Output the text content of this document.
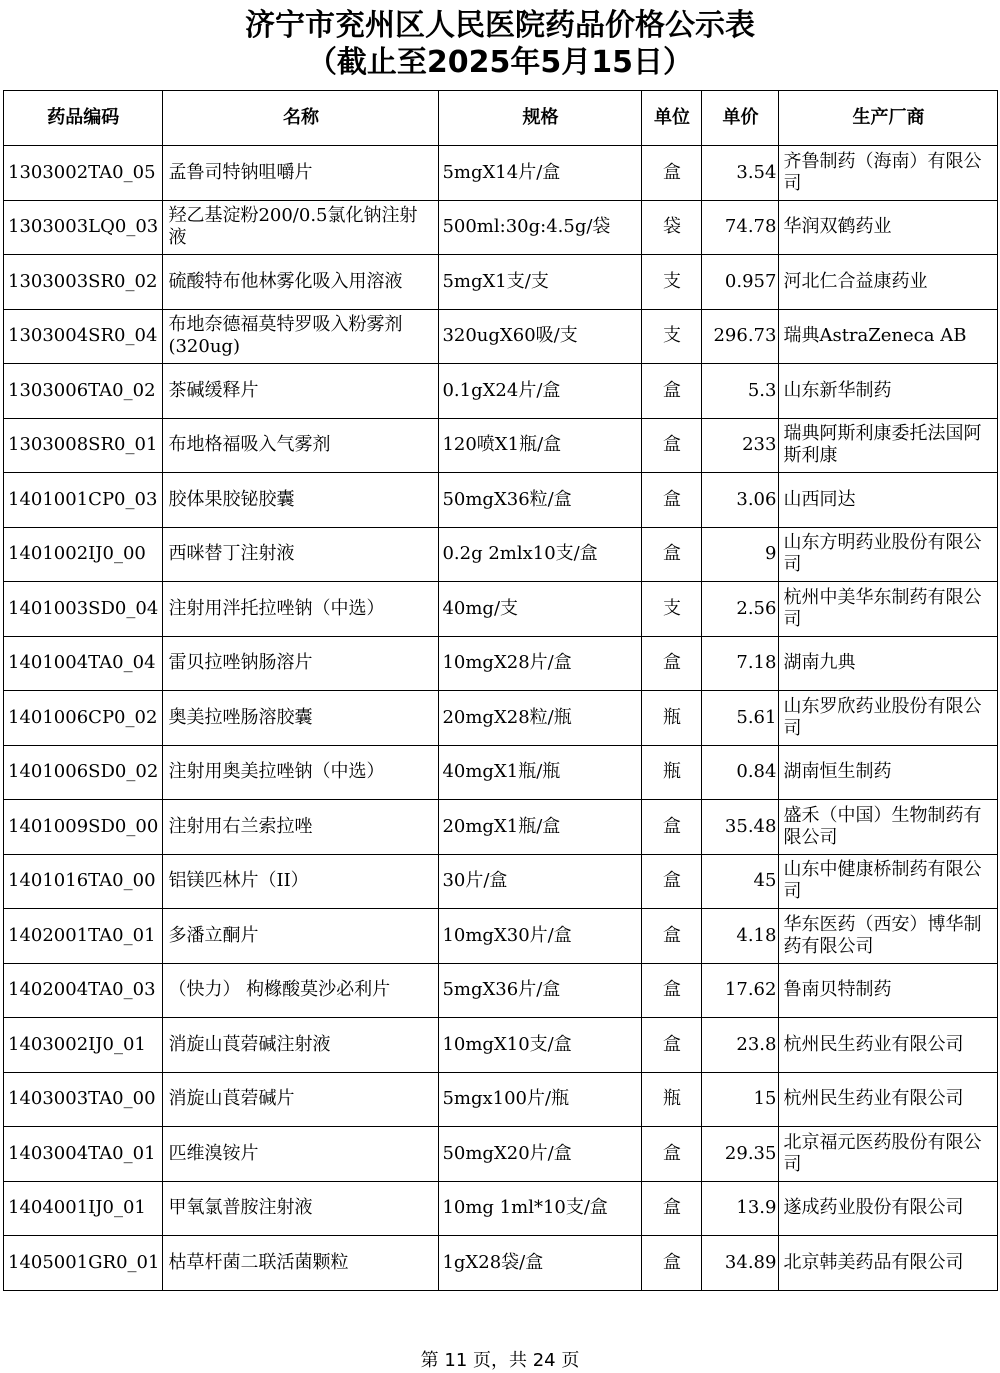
济宁市兖州区人民医院药品价格公示表
（截止至2025年5月15日）
药品编码	名称	规格	单位	单价	生产厂商
1303002TA0_05	孟鲁司特钠咀嚼片	5mgX14片/盒	盒	3.54	齐鲁制药（海南）有限公司
1303003LQ0_03	羟乙基淀粉200/0.5氯化钠注射液	500ml:30g:4.5g/袋	袋	74.78	华润双鹤药业
1303003SR0_02	硫酸特布他林雾化吸入用溶液	5mgX1支/支	支	0.957	河北仁合益康药业
1303004SR0_04	布地奈德福莫特罗吸入粉雾剂(320ug)	320ugX60吸/支	支	296.73	瑞典AstraZeneca AB
1303006TA0_02	茶碱缓释片	0.1gX24片/盒	盒	5.3	山东新华制药
1303008SR0_01	布地格福吸入气雾剂	120喷X1瓶/盒	盒	233	瑞典阿斯利康委托法国阿斯利康
1401001CP0_03	胶体果胶铋胶囊	50mgX36粒/盒	盒	3.06	山西同达
1401002IJ0_00	西咪替丁注射液	0.2g 2mlx10支/盒	盒	9	山东方明药业股份有限公司
1401003SD0_04	注射用泮托拉唑钠（中选）	40mg/支	支	2.56	杭州中美华东制药有限公司
1401004TA0_04	雷贝拉唑钠肠溶片	10mgX28片/盒	盒	7.18	湖南九典
1401006CP0_02	奥美拉唑肠溶胶囊	20mgX28粒/瓶	瓶	5.61	山东罗欣药业股份有限公司
1401006SD0_02	注射用奥美拉唑钠（中选）	40mgX1瓶/瓶	瓶	0.84	湖南恒生制药
1401009SD0_00	注射用右兰索拉唑	20mgX1瓶/盒	盒	35.48	盛禾（中国）生物制药有限公司
1401016TA0_00	铝镁匹林片（II）	30片/盒	盒	45	山东中健康桥制药有限公司
1402001TA0_01	多潘立酮片	10mgX30片/盒	盒	4.18	华东医药（西安）博华制药有限公司
1402004TA0_03	（快力） 枸橼酸莫沙必利片	5mgX36片/盒	盒	17.62	鲁南贝特制药
1403002IJ0_01	消旋山莨菪碱注射液	10mgX10支/盒	盒	23.8	杭州民生药业有限公司
1403003TA0_00	消旋山莨菪碱片	5mgx100片/瓶	瓶	15	杭州民生药业有限公司
1403004TA0_01	匹维溴铵片	50mgX20片/盒	盒	29.35	北京福元医药股份有限公司
1404001IJ0_01	甲氧氯普胺注射液	10mg 1ml*10支/盒	盒	13.9	遂成药业股份有限公司
1405001GR0_01	枯草杆菌二联活菌颗粒	1gX28袋/盒	盒	34.89	北京韩美药品有限公司
第 11 页，共 24 页
